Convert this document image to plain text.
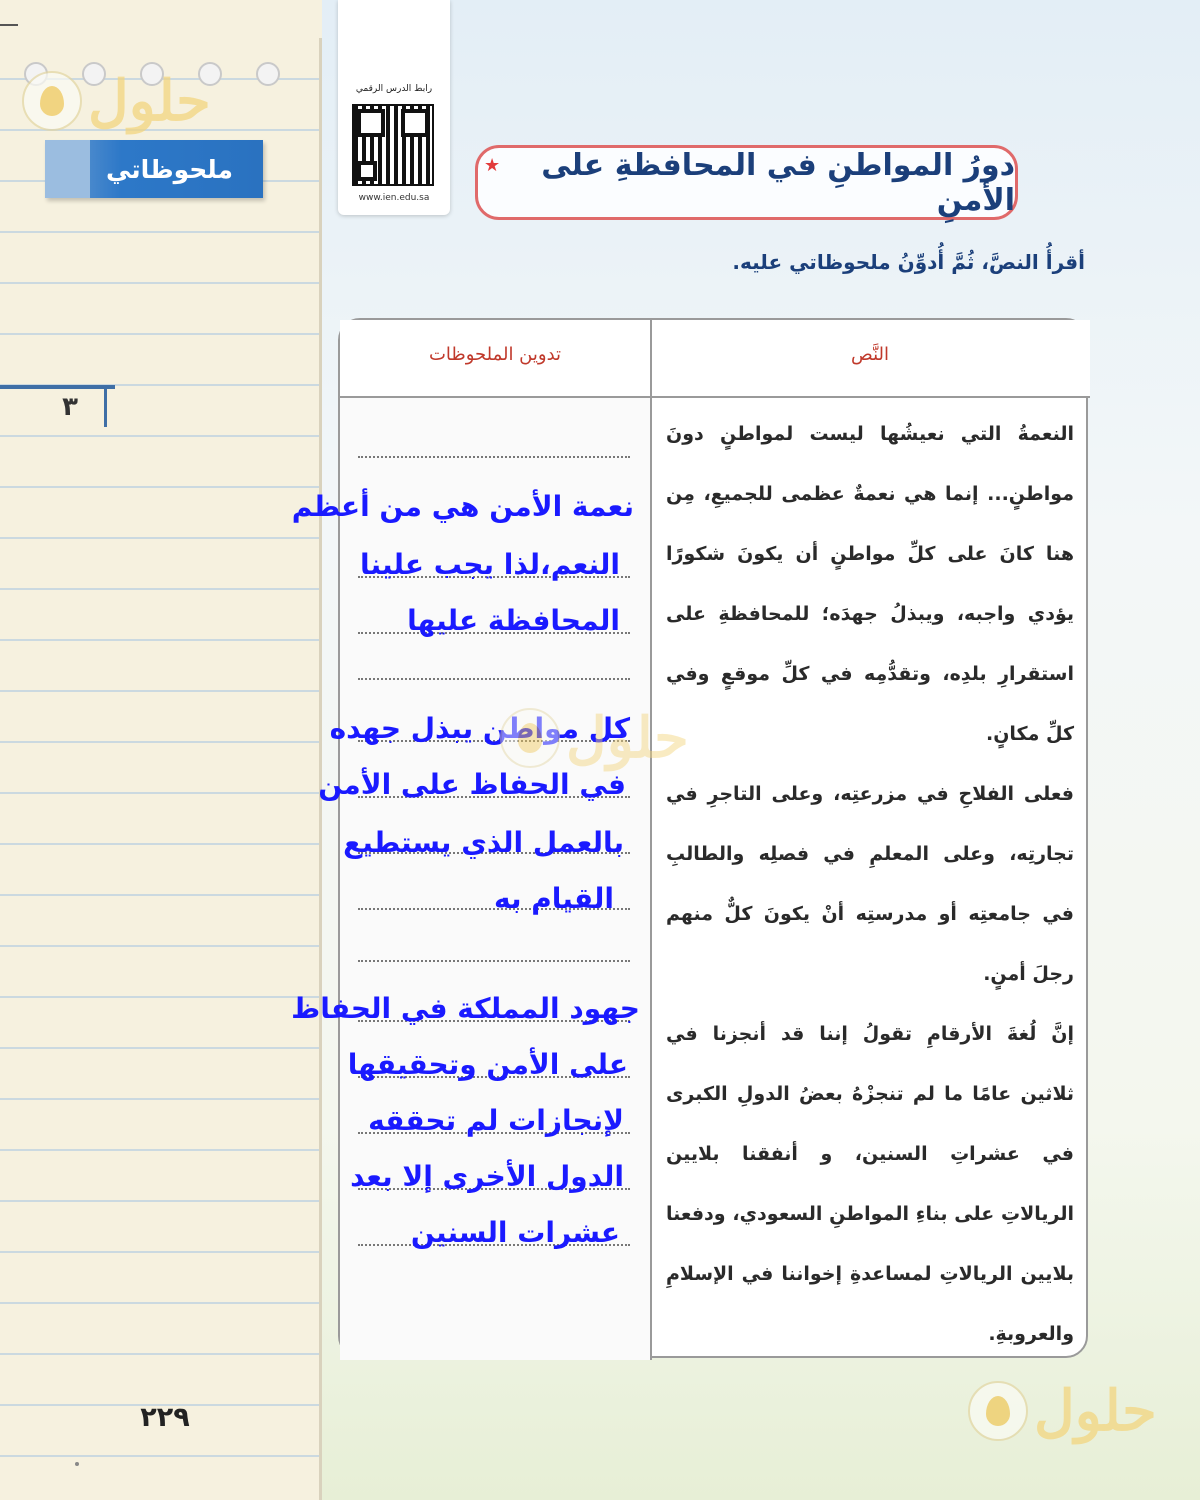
حلول
ملحوظاتي
٣
٢٢٩
رابط الدرس الرقمي
www.ien.edu.sa
دورُ المواطنِ في المحافظةِ على الأمنِ
★
أقرأُ النصَّ، ثُمَّ أُدوِّنُ ملحوظاتي عليه.
تدوين الملحوظات	النَّص

النعمةُ التي نعيشُها ليست لمواطنٍ دونَ مواطنٍ... إنما هي نعمةٌ عظمى للجميعِ، مِن هنا كانَ على كلِّ مواطنٍ أن يكونَ شكورًا يؤدي واجبه، ويبذلُ جهدَه؛ للمحافظةِ على استقرارِ بلدِه، وتقدُّمِه في كلِّ موقعٍ وفي كلِّ مكانٍ.

فعلى الفلاحِ في مزرعتِه، وعلى التاجرِ في تجارتِه، وعلى المعلمِ في فصلِه والطالبِ في جامعتِه أو مدرستِه أنْ يكونَ كلٌّ منهم رجلَ أمنٍ.

إنَّ لُغةَ الأرقامِ تقولُ إننا قد أنجزنا في ثلاثين عامًا ما لم تنجزْهُ بعضُ الدولِ الكبرى في عشراتِ السنين، و أنفقنا بلايين الريالاتِ على بناءِ المواطنِ السعودي، ودفعنا بلايين الريالاتِ لمساعدةِ إخواننا في الإسلامِ والعروبةِ.

نعمة الأمن هي من أعظم
النعم،لذا يجب علينا
المحافظة عليها
كل مواطن يبذل جهده
في الحفاظ على الأمن
بالعمل الذي يستطيع
القيام به
جهود المملكة في الحفاظ
على الأمن وتحقيقها
لإنجازات لم تحققه
الدول الأخرى إلا بعد
عشرات السنين
حلول
حلول
